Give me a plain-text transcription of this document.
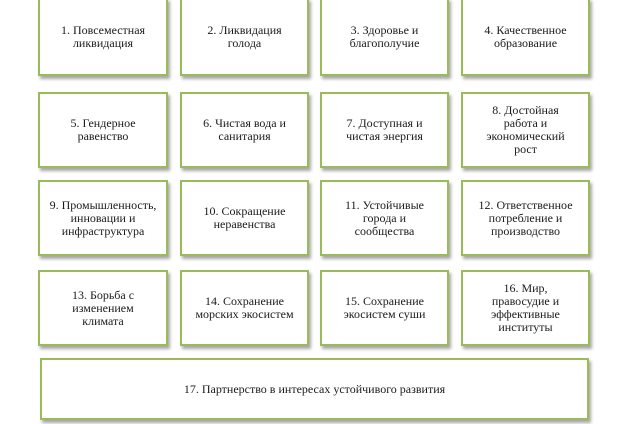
1. Повсеместная ликвидация
2. Ликвидация голода
3. Здоровье и благополучие
4. Качественное образование
5. Гендерное равенство
6. Чистая вода и санитария
7. Доступная и чистая энергия
8. Достойная работа и экономический рост
9. Промышленность, инновации и инфраструктура
10. Сокращение неравенства
11. Устойчивые города и сообщества
12. Ответственное потребление и производство
13. Борьба с изменением климата
14. Сохранение морских экосистем
15. Сохранение экосистем суши
16. Мир, правосудие и эффективные институты
17. Партнерство в интересах устойчивого развития
